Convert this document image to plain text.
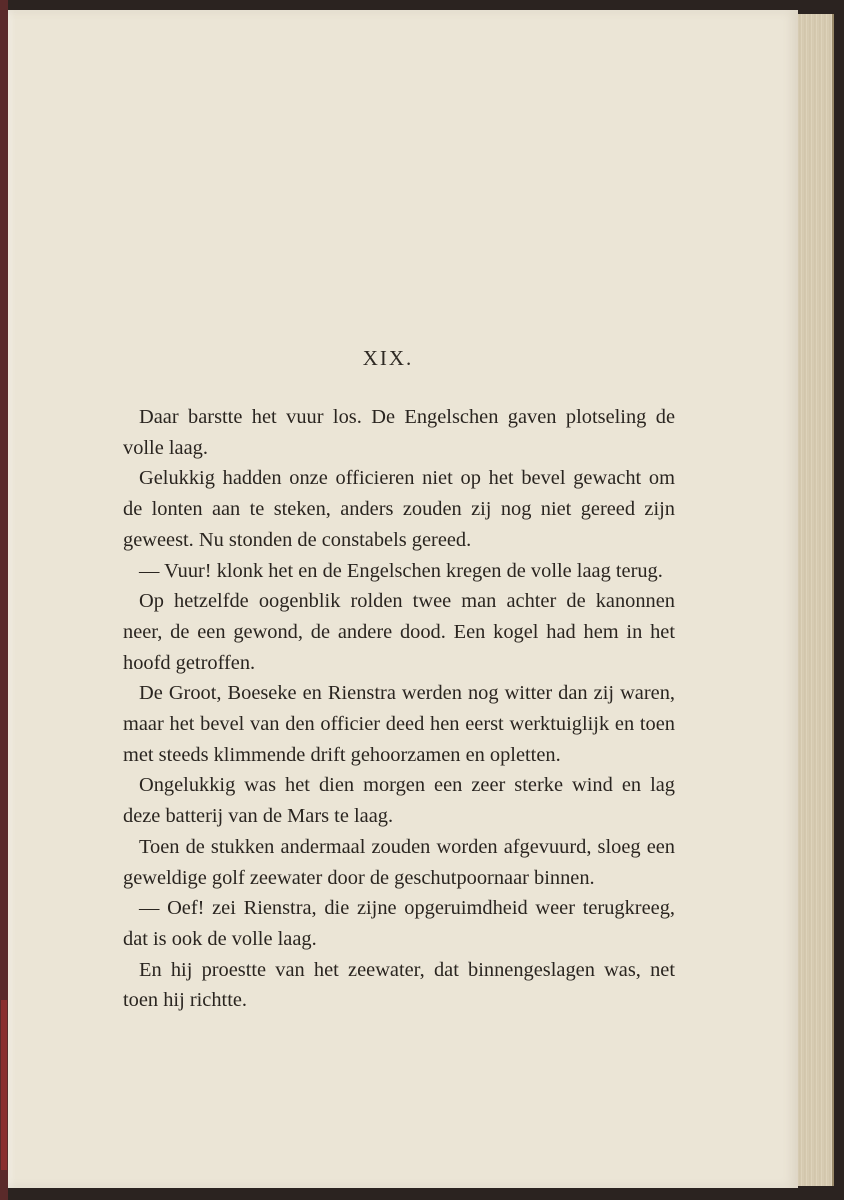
XIX.

Daar barstte het vuur los. De Engelschen gaven plotseling de volle laag.

Gelukkig hadden onze officieren niet op het bevel gewacht om de lonten aan te steken, anders zouden zij nog niet gereed zijn geweest. Nu stonden de constabels gereed.

— Vuur! klonk het en de Engelschen kregen de volle laag terug.

Op hetzelfde oogenblik rolden twee man achter de kanonnen neer, de een gewond, de andere dood. Een kogel had hem in het hoofd getroffen.

De Groot, Boeseke en Rienstra werden nog witter dan zij waren, maar het bevel van den officier deed hen eerst werktuiglijk en toen met steeds klimmende drift gehoorzamen en opletten.

Ongelukkig was het dien morgen een zeer sterke wind en lag deze batterij van de Mars te laag.

Toen de stukken andermaal zouden worden afgevuurd, sloeg een geweldige golf zeewater door de geschutpoornaar binnen.

— Oef! zei Rienstra, die zijne opgeruimdheid weer terugkreeg, dat is ook de volle laag.

En hij proestte van het zeewater, dat binnengeslagen was, net toen hij richtte.
